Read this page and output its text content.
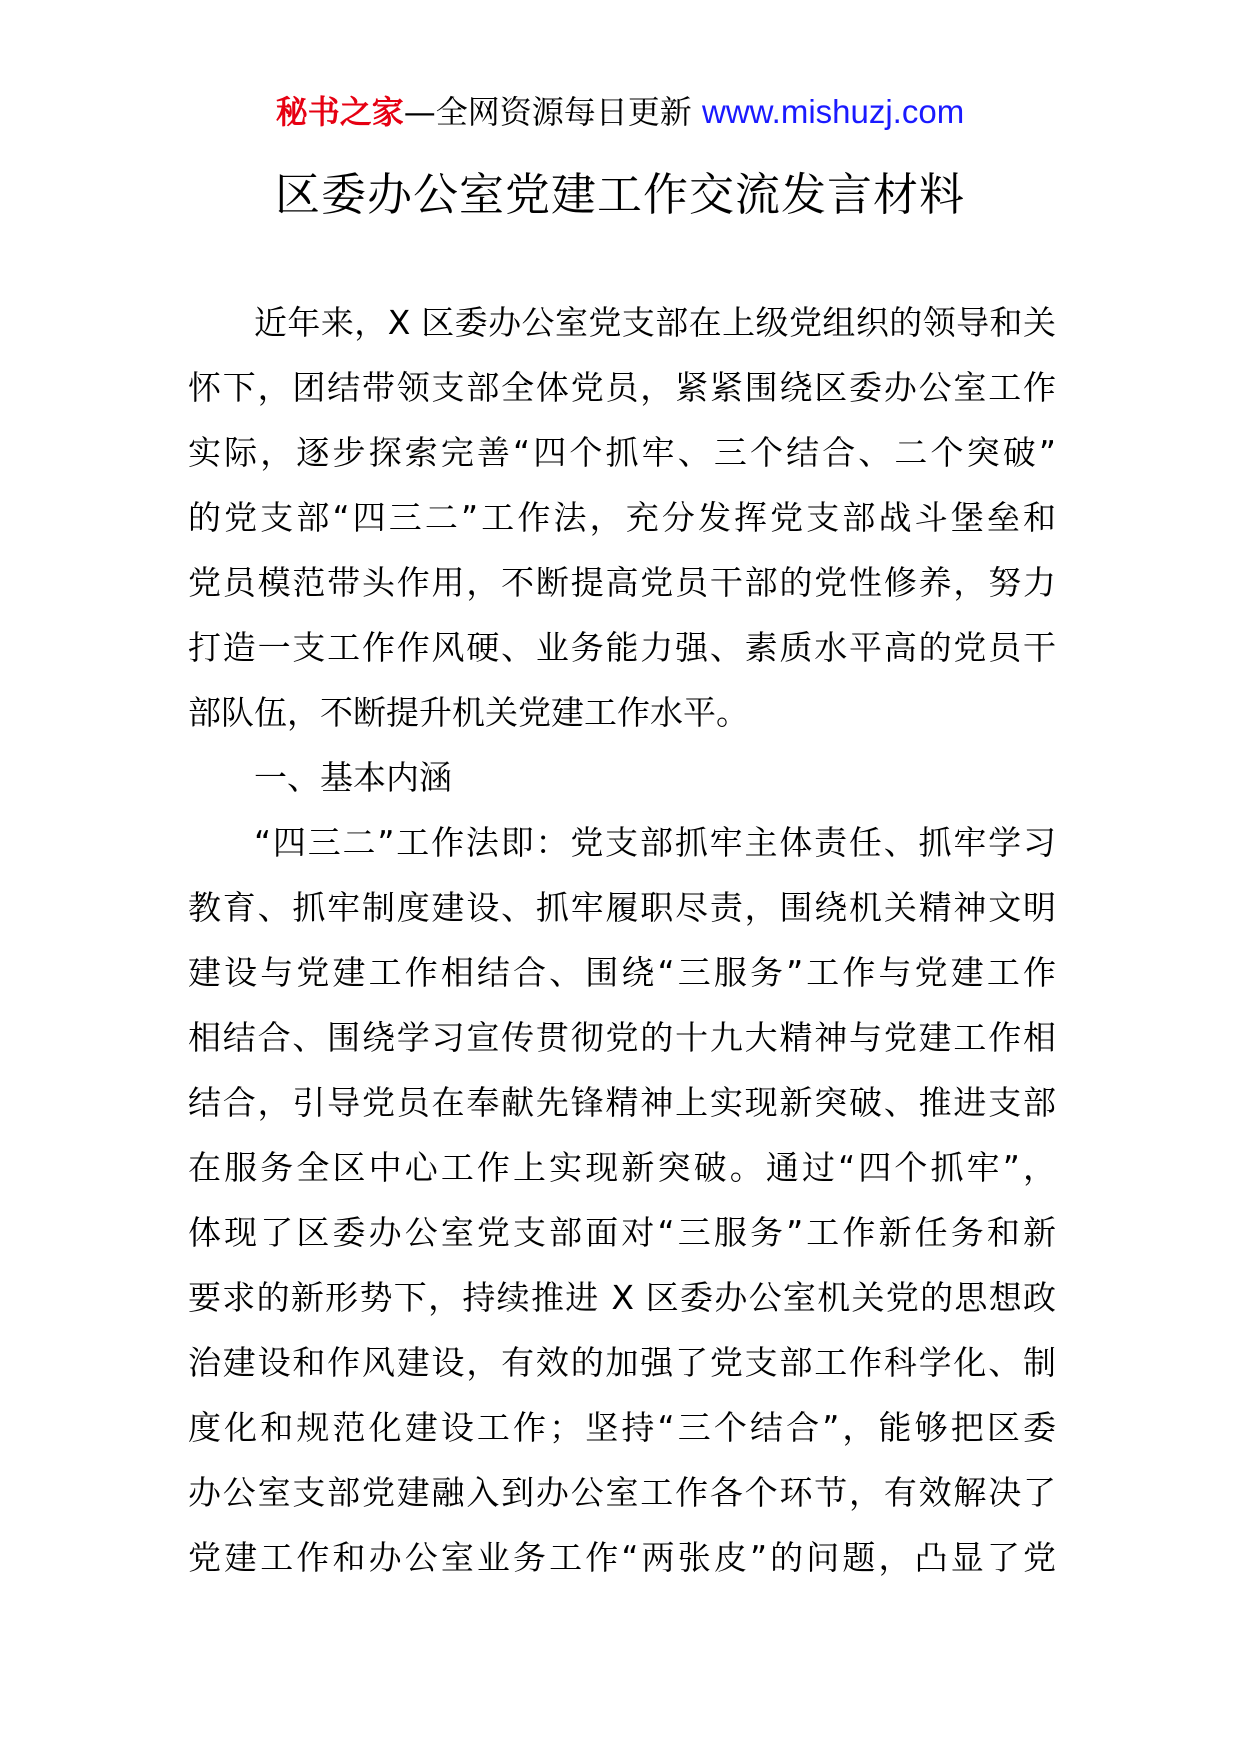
秘书之家—全网资源每日更新 www.mishuzj.com
区委办公室党建工作交流发言材料
近年来，X 区委办公室党支部在上级党组织的领导和关
怀下，团结带领支部全体党员，紧紧围绕区委办公室工作
实际，逐步探索完善“四个抓牢、三个结合、二个突破”
的党支部“四三二”工作法，充分发挥党支部战斗堡垒和
党员模范带头作用，不断提高党员干部的党性修养，努力
打造一支工作作风硬、业务能力强、素质水平高的党员干
部队伍，不断提升机关党建工作水平。
一、基本内涵
“四三二”工作法即：党支部抓牢主体责任、抓牢学习
教育、抓牢制度建设、抓牢履职尽责，围绕机关精神文明
建设与党建工作相结合、围绕“三服务”工作与党建工作
相结合、围绕学习宣传贯彻党的十九大精神与党建工作相
结合，引导党员在奉献先锋精神上实现新突破、推进支部
在服务全区中心工作上实现新突破。通过“四个抓牢”，
体现了区委办公室党支部面对“三服务”工作新任务和新
要求的新形势下，持续推进 X 区委办公室机关党的思想政
治建设和作风建设，有效的加强了党支部工作科学化、制
度化和规范化建设工作；坚持“三个结合”，能够把区委
办公室支部党建融入到办公室工作各个环节，有效解决了
党建工作和办公室业务工作“两张皮”的问题，凸显了党
